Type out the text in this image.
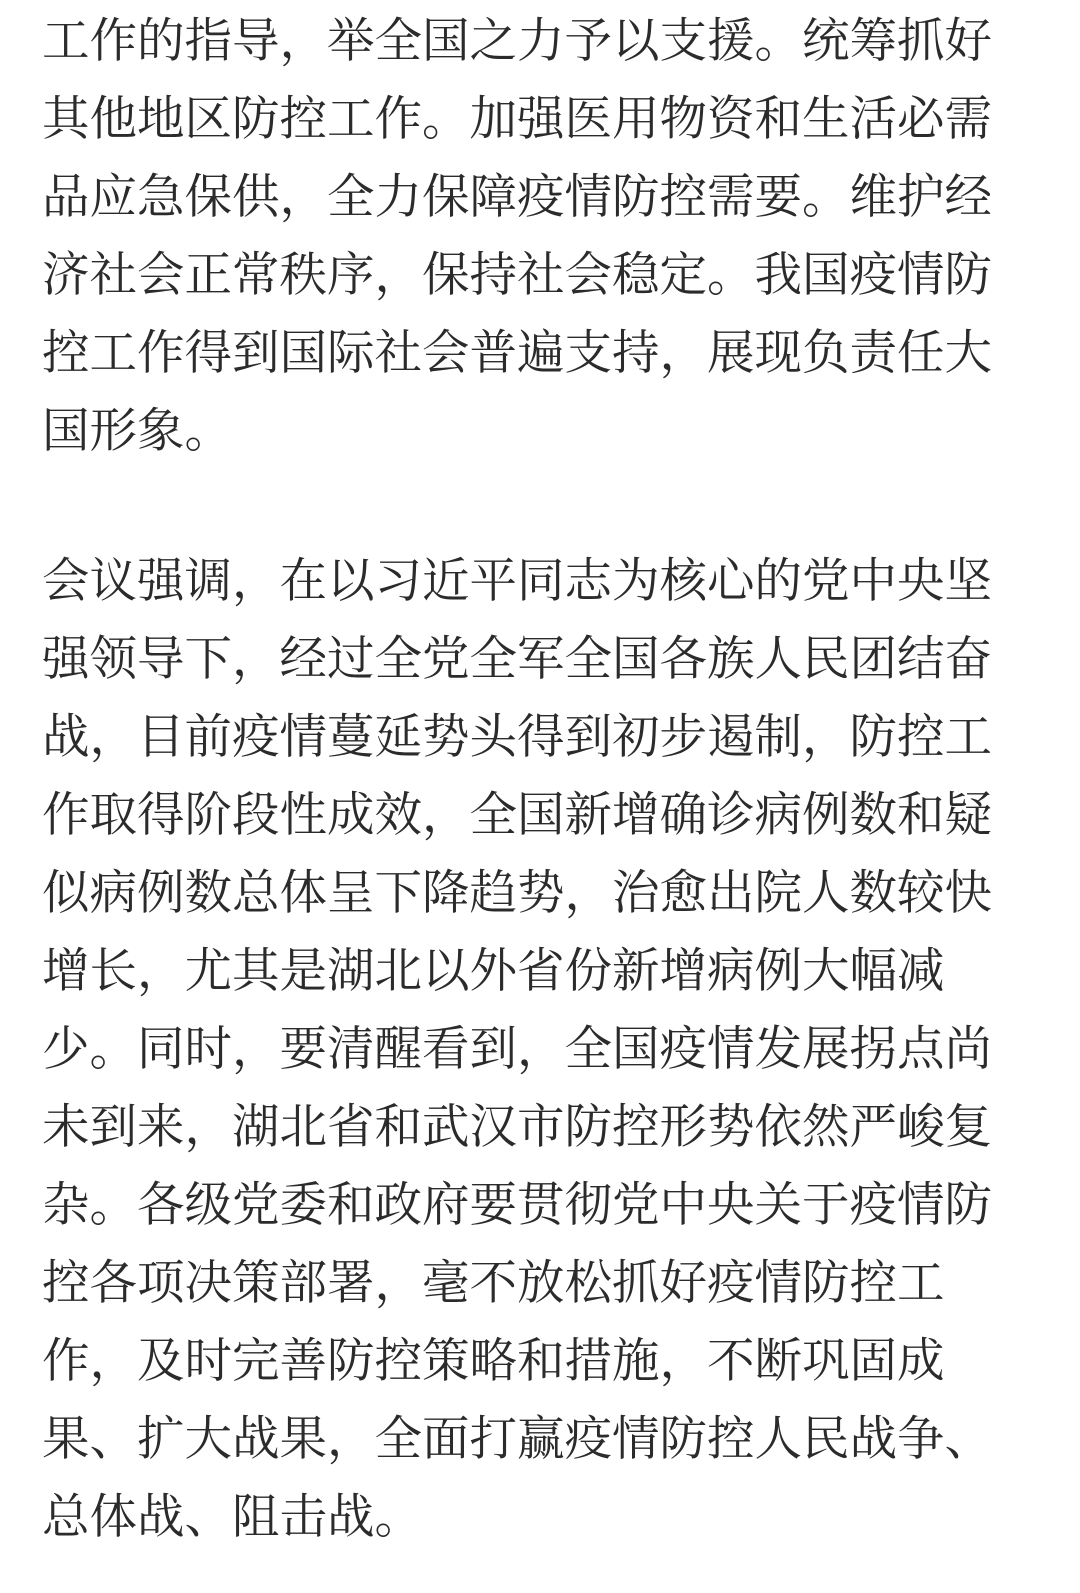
工作的指导，举全国之力予以支援。统筹抓好
其他地区防控工作。加强医用物资和生活必需
品应急保供，全力保障疫情防控需要。维护经
济社会正常秩序，保持社会稳定。我国疫情防
控工作得到国际社会普遍支持，展现负责任大
国形象。
会议强调，在以习近平同志为核心的党中央坚
强领导下，经过全党全军全国各族人民团结奋
战，目前疫情蔓延势头得到初步遏制，防控工
作取得阶段性成效，全国新增确诊病例数和疑
似病例数总体呈下降趋势，治愈出院人数较快
增长，尤其是湖北以外省份新增病例大幅减
少。同时，要清醒看到，全国疫情发展拐点尚
未到来，湖北省和武汉市防控形势依然严峻复
杂。各级党委和政府要贯彻党中央关于疫情防
控各项决策部署，毫不放松抓好疫情防控工
作，及时完善防控策略和措施，不断巩固成
果、扩大战果，全面打赢疫情防控人民战争、
总体战、阻击战。
